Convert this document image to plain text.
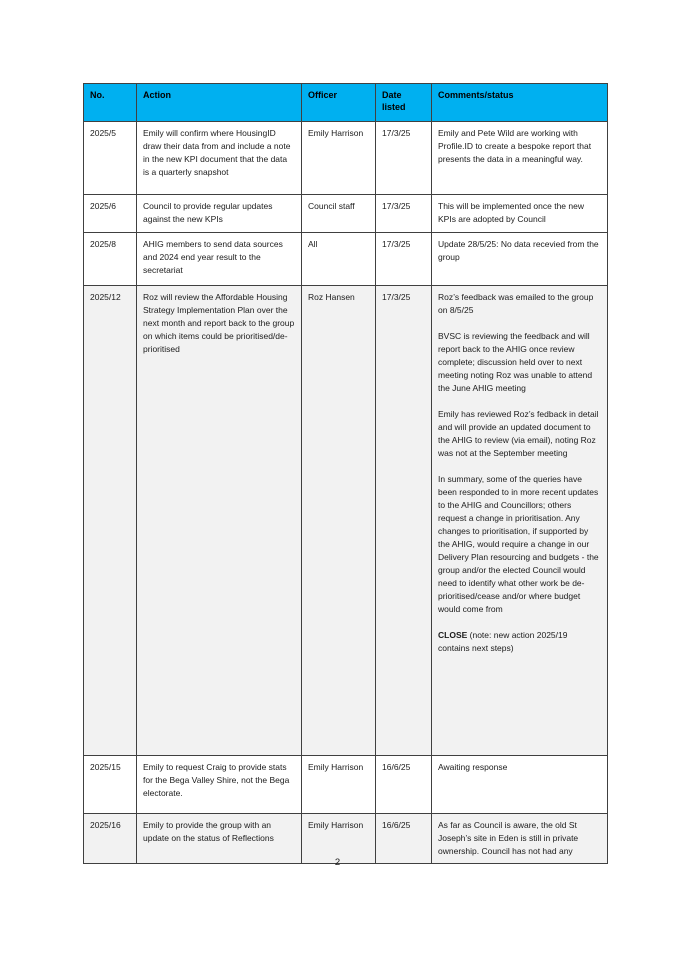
No.	Action	Officer	Date listed	Comments/status
2025/5	Emily will confirm where HousingID draw their data from and include a note in the new KPI document that the data is a quarterly snapshot	Emily Harrison	17/3/25	Emily and Pete Wild are working with Profile.ID to create a bespoke report that presents the data in a meaningful way.

2025/6	Council to provide regular updates against the new KPIs	Council staff	17/3/25	This will be implemented once the new KPIs are adopted by Council

2025/8	AHIG members to send data sources and 2024 end year result to the secretariat	All	17/3/25	Update 28/5/25: No data recevied from the group

2025/12	Roz will review the Affordable Housing Strategy Implementation Plan over the next month and report back to the group on which items could be prioritised/de-prioritised	Roz Hansen	17/3/25	Roz’s feedback was emailed to the group on 8/5/25

BVSC is reviewing the feedback and will report back to the AHIG once review complete; discussion held over to next meeting noting Roz was unable to attend the June AHIG meeting

Emily has reviewed Roz’s fedback in detail and will provide an updated document to the AHIG to review (via email), noting Roz was not at the September meeting

In summary, some of the queries have been responded to in more recent updates to the AHIG and Councillors; others request a change in prioritisation. Any changes to prioritisation, if supported by the AHIG, would require a change in our Delivery Plan resourcing and budgets - the group and/or the elected Council would need to identify what other work be de-prioritised/cease and/or where budget would come from

CLOSE (note: new action 2025/19 contains next steps)

2025/15	Emily to request Craig to provide stats for the Bega Valley Shire, not the Bega electorate.	Emily Harrison	16/6/25	Awaiting response

2025/16	Emily to provide the group with an update on the status of Reflections	Emily Harrison	16/6/25	As far as Council is aware, the old St Joseph’s site in Eden is still in private ownership. Council has not had any

2
